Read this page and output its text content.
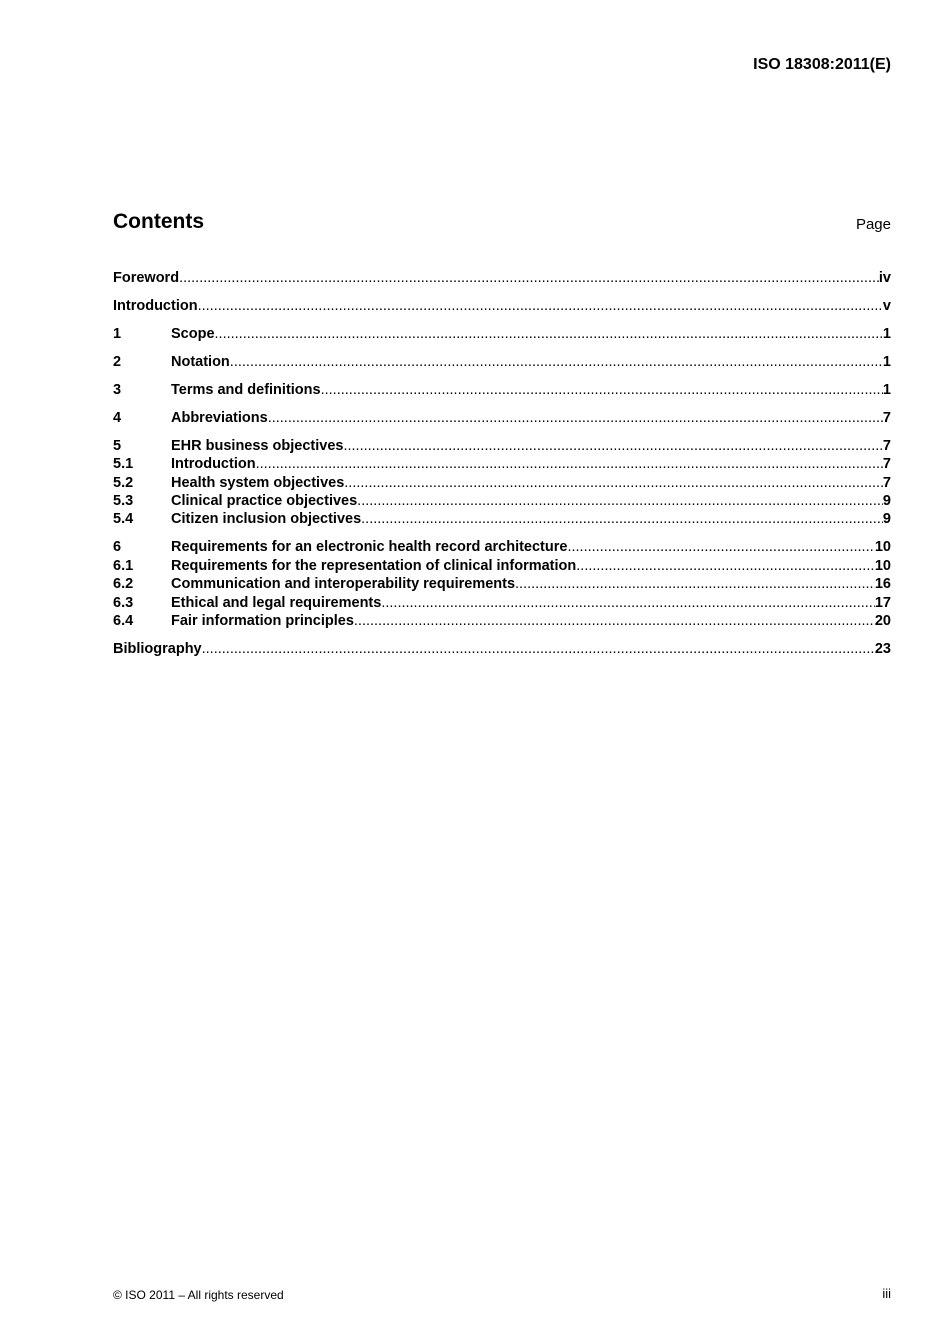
ISO 18308:2011(E)
Contents	Page
Foreword .....	iv
Introduction .....	v
1	Scope .....	1
2	Notation .....	1
3	Terms and definitions .....	1
4	Abbreviations .....	7
5	EHR business objectives .....	7
5.1	Introduction .....	7
5.2	Health system objectives .....	7
5.3	Clinical practice objectives .....	9
5.4	Citizen inclusion objectives .....	9
6	Requirements for an electronic health record architecture .....	10
6.1	Requirements for the representation of clinical information .....	10
6.2	Communication and interoperability requirements .....	16
6.3	Ethical and legal requirements .....	17
6.4	Fair information principles .....	20
Bibliography .....	23
© ISO 2011 – All rights reserved	iii
